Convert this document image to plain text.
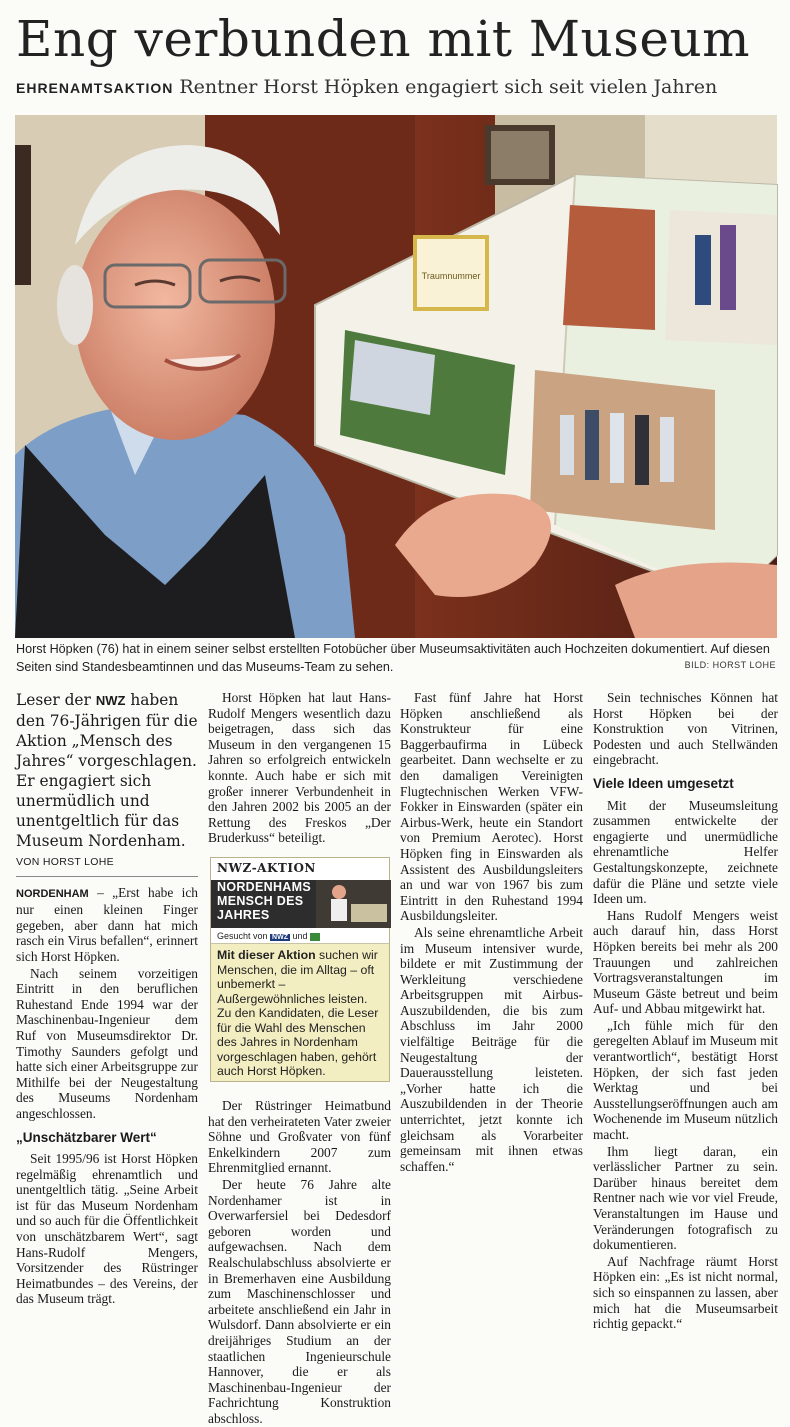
Eng verbunden mit Museum
EHRENAMTSAKTION Rentner Horst Höpken engagiert sich seit vielen Jahren
Traumnummer
Horst Höpken (76) hat in einem seiner selbst erstellten Fotobücher über Museumsaktivitäten auch Hochzeiten dokumentiert. Auf diesen Seiten sind Standesbeamtinnen und das Museums-Team zu sehen.	BILD: HORST LOHE
Leser der NWZ haben den 76-Jährigen für die Aktion „Mensch des Jahres“ vorgeschlagen. Er engagiert sich unermüdlich und unentgeltlich für das Museum Nordenham.
VON HORST LOHE

NORDENHAM – „Erst habe ich nur einen kleinen Finger gegeben, aber dann hat mich rasch ein Virus befallen“, erinnert sich Horst Höpken.

Nach seinem vorzeitigen Eintritt in den beruflichen Ruhestand Ende 1994 war der Maschinenbau-Ingenieur dem Ruf von Museumsdirektor Dr. Timothy Saunders gefolgt und hatte sich einer Arbeitsgruppe zur Mithilfe bei der Neugestaltung des Museums Nordenham angeschlossen.

„Unschätzbarer Wert“

Seit 1995/96 ist Horst Höpken regelmäßig ehrenamtlich und unentgeltlich tätig. „Seine Arbeit ist für das Museum Nordenham und so auch für die Öffentlichkeit von unschätzbarem Wert“, sagt Hans-Rudolf Mengers, Vorsitzender des Rüstringer Heimatbundes – des Vereins, der das Museum trägt.

Horst Höpken hat laut Hans-Rudolf Mengers wesentlich dazu beigetragen, dass sich das Museum in den vergangenen 15 Jahren so erfolgreich entwickeln konnte. Auch habe er sich mit großer innerer Verbundenheit in den Jahren 2002 bis 2005 an der Rettung des Freskos „Der Bruderkuss“ beteiligt.

NWZ-AKTION
NORDENHAMS MENSCH DES JAHRES
Gesucht von NWZ und
Mit dieser Aktion suchen wir Menschen, die im Alltag – oft unbemerkt – Außergewöhnliches leisten. Zu den Kandidaten, die Leser für die Wahl des Menschen des Jahres in Nordenham vorgeschlagen haben, gehört auch Horst Höpken.

Der Rüstringer Heimatbund hat den verheirateten Vater zweier Söhne und Großvater von fünf Enkelkindern 2007 zum Ehrenmitglied ernannt.

Der heute 76 Jahre alte Nordenhamer ist in Overwarfersiel bei Dedesdorf geboren worden und aufgewachsen. Nach dem Realschulabschluss absolvierte er in Bremerhaven eine Ausbildung zum Maschinenschlosser und arbeitete anschließend ein Jahr in Wulsdorf. Dann absolvierte er ein dreijähriges Studium an der staatlichen Ingenieurschule Hannover, die er als Maschinenbau-Ingenieur der Fachrichtung Konstruktion abschloss.

Fast fünf Jahre hat Horst Höpken anschließend als Konstrukteur für eine Baggerbaufirma in Lübeck gearbeitet. Dann wechselte er zu den damaligen Vereinigten Flugtechnischen Werken VFW-Fokker in Einswarden (später ein Airbus-Werk, heute ein Standort von Premium Aerotec). Horst Höpken fing in Einswarden als Assistent des Ausbildungsleiters an und war von 1967 bis zum Eintritt in den Ruhestand 1994 Ausbildungsleiter.

Als seine ehrenamtliche Arbeit im Museum intensiver wurde, bildete er mit Zustimmung der Werkleitung verschiedene Arbeitsgruppen mit Airbus-Auszubildenden, die bis zum Abschluss im Jahr 2000 vielfältige Beiträge für die Neugestaltung der Dauerausstellung leisteten. „Vorher hatte ich die Auszubildenden in der Theorie unterrichtet, jetzt konnte ich gleichsam als Vorarbeiter gemeinsam mit ihnen etwas schaffen.“

Sein technisches Können hat Horst Höpken bei der Konstruktion von Vitrinen, Podesten und auch Stellwänden eingebracht.

Viele Ideen umgesetzt

Mit der Museumsleitung zusammen entwickelte der engagierte und unermüdliche ehrenamtliche Helfer Gestaltungskonzepte, zeichnete dafür die Pläne und setzte viele Ideen um.

Hans Rudolf Mengers weist auch darauf hin, dass Horst Höpken bereits bei mehr als 200 Trauungen und zahlreichen Vortragsveranstaltungen im Museum Gäste betreut und beim Auf- und Abbau mitgewirkt hat.

„Ich fühle mich für den geregelten Ablauf im Museum mit verantwortlich“, bestätigt Horst Höpken, der sich fast jeden Werktag und bei Ausstellungseröffnungen auch am Wochenende im Museum nützlich macht.

Ihm liegt daran, ein verlässlicher Partner zu sein. Darüber hinaus bereitet dem Rentner nach wie vor viel Freude, Veranstaltungen im Hause und Veränderungen fotografisch zu dokumentieren.

Auf Nachfrage räumt Horst Höpken ein: „Es ist nicht normal, sich so einspannen zu lassen, aber mich hat die Museumsarbeit richtig gepackt.“
